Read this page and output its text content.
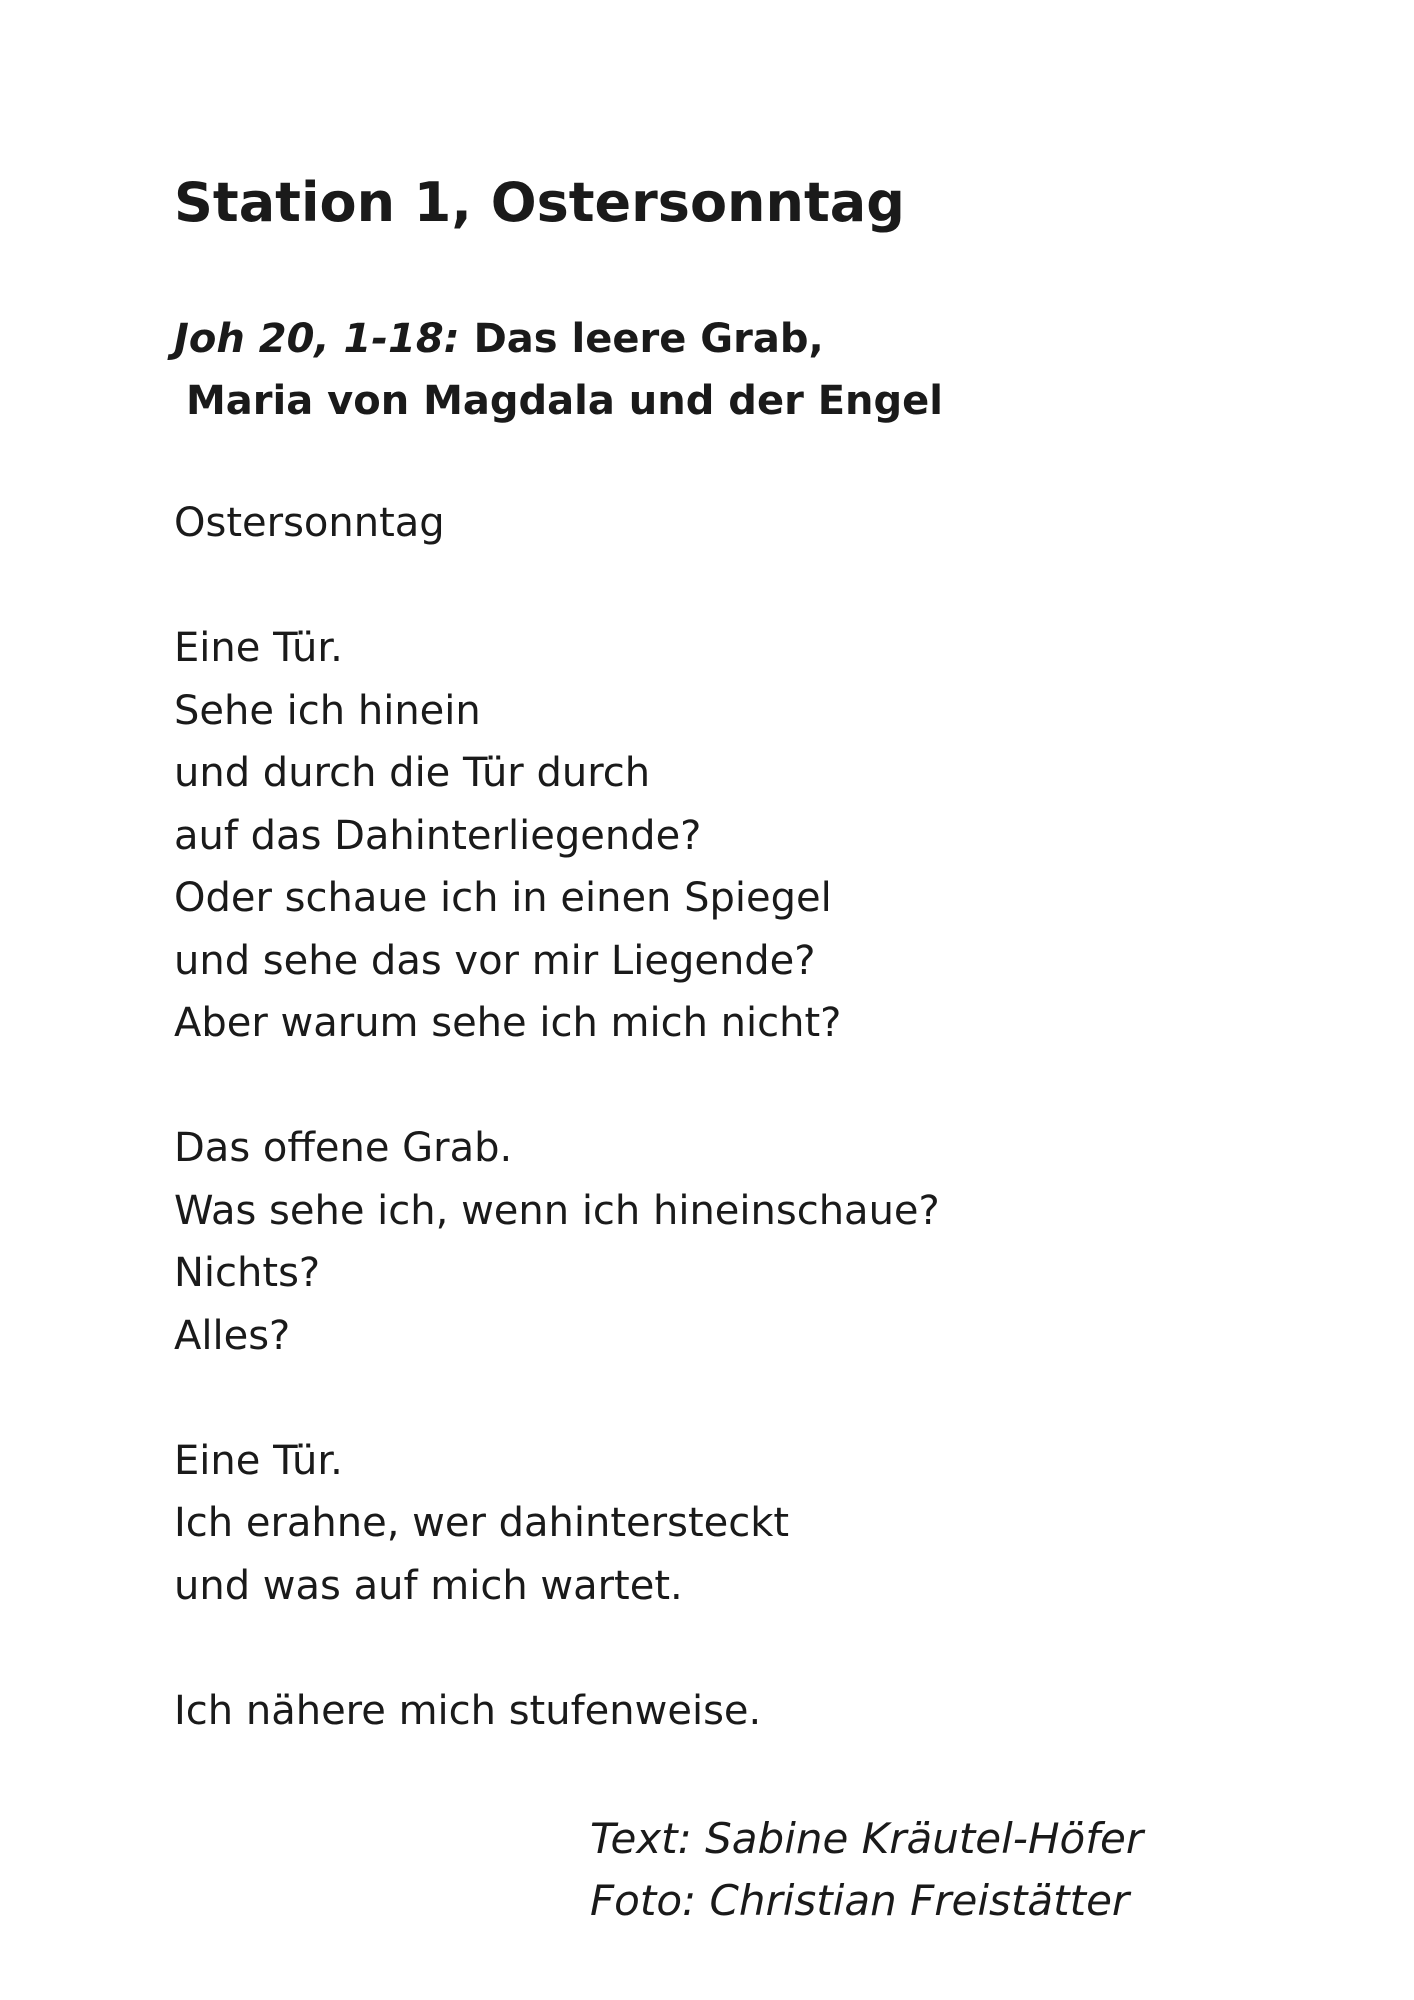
Station 1, Ostersonntag
Joh 20, 1-18: Das leere Grab,
Maria von Magdala und der Engel
Ostersonntag
Eine Tür.
Sehe ich hinein
und durch die Tür durch
auf das Dahinterliegende?
Oder schaue ich in einen Spiegel
und sehe das vor mir Liegende?
Aber warum sehe ich mich nicht?
Das offene Grab.
Was sehe ich, wenn ich hineinschaue?
Nichts?
Alles?
Eine Tür.
Ich erahne, wer dahintersteckt
und was auf mich wartet.
Ich nähere mich stufenweise.
Text: Sabine Kräutel-Höfer
Foto: Christian Freistätter
